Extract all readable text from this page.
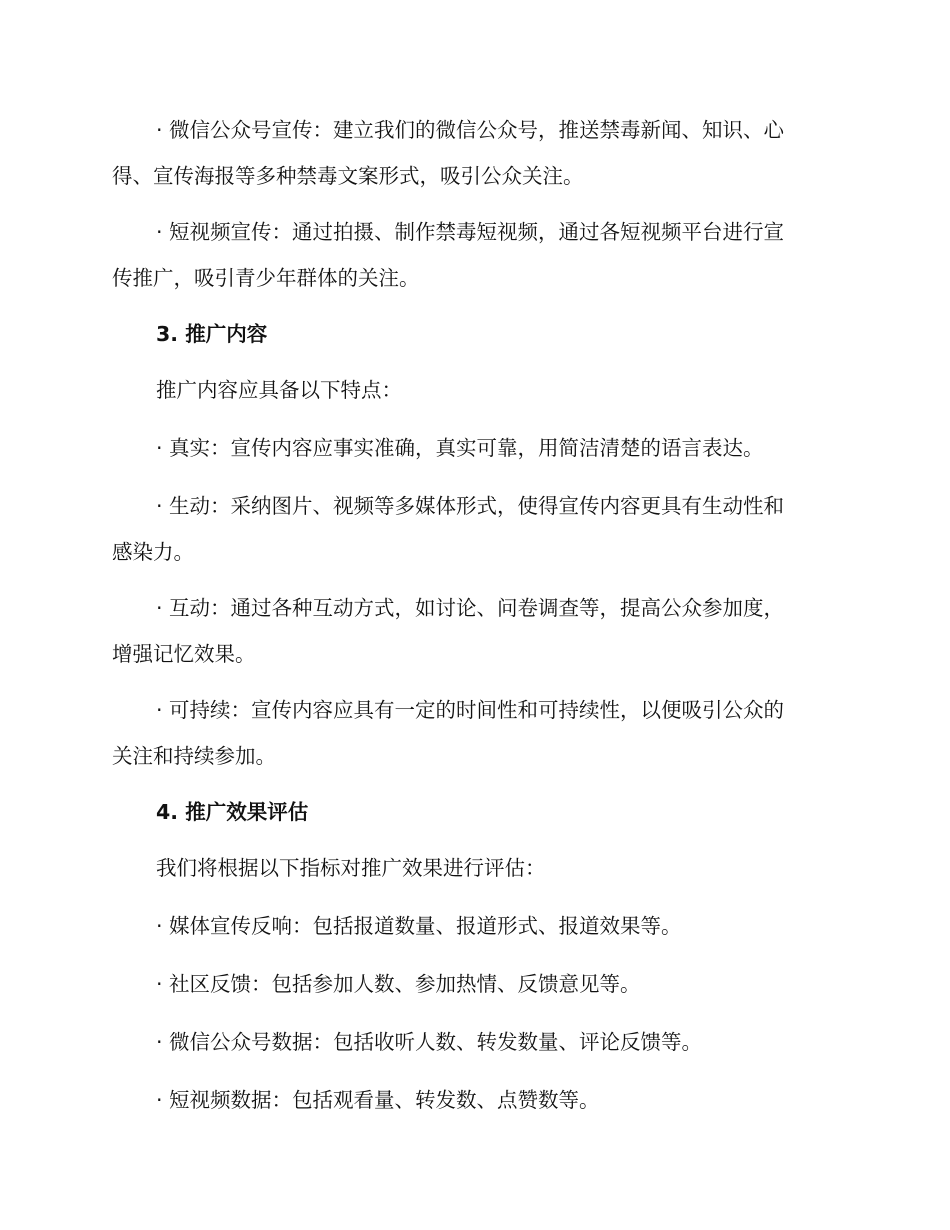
· 微信公众号宣传：建立我们的微信公众号，推送禁毒新闻、知识、心
得、宣传海报等多种禁毒文案形式，吸引公众关注。

· 短视频宣传：通过拍摄、制作禁毒短视频，通过各短视频平台进行宣
传推广，吸引青少年群体的关注。

3. 推广内容

推广内容应具备以下特点：

· 真实：宣传内容应事实准确，真实可靠，用简洁清楚的语言表达。

· 生动：采纳图片、视频等多媒体形式，使得宣传内容更具有生动性和
感染力。

· 互动：通过各种互动方式，如讨论、问卷调查等，提高公众参加度，
增强记忆效果。

· 可持续：宣传内容应具有一定的时间性和可持续性，以便吸引公众的
关注和持续参加。

4. 推广效果评估

我们将根据以下指标对推广效果进行评估：

· 媒体宣传反响：包括报道数量、报道形式、报道效果等。

· 社区反馈：包括参加人数、参加热情、反馈意见等。

· 微信公众号数据：包括收听人数、转发数量、评论反馈等。

· 短视频数据：包括观看量、转发数、点赞数等。
